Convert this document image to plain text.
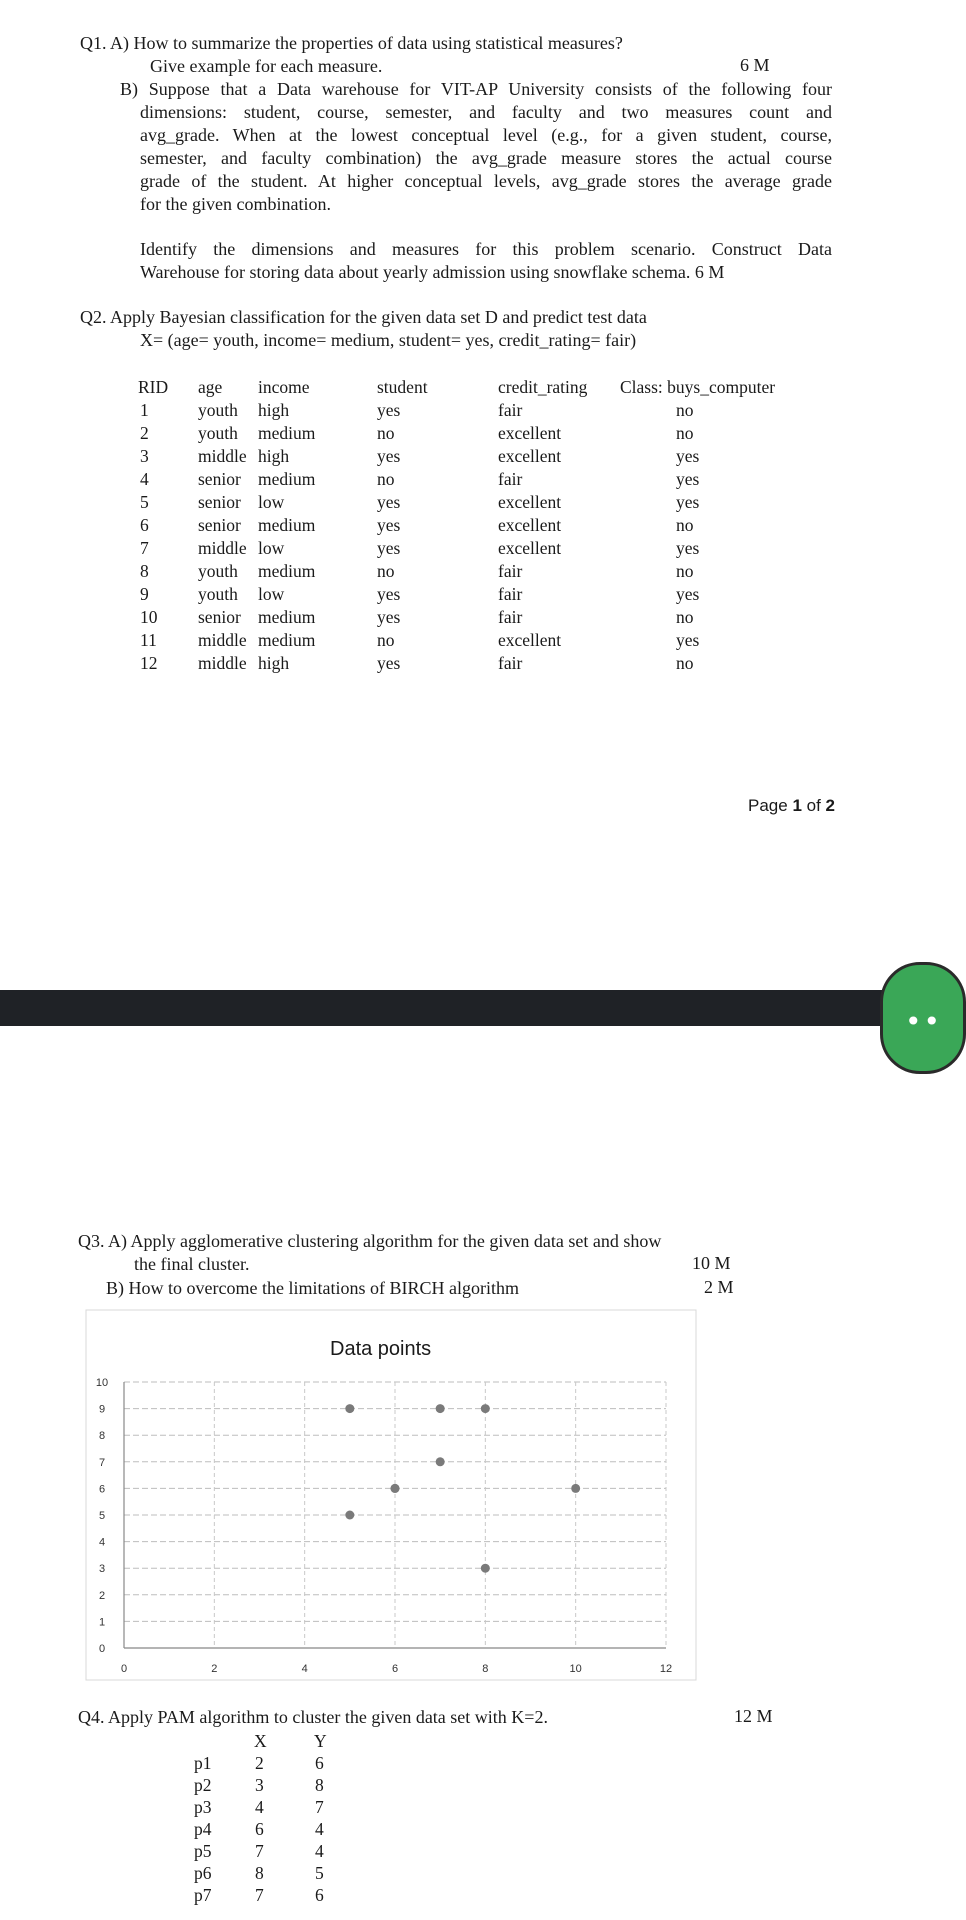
Q1. A) How to summarize the properties of data using statistical measures?
Give example for each measure.	6 M
B) Suppose that a Data warehouse for VIT-AP University consists of the following four
dimensions: student, course, semester, and faculty and two measures count and
avg_grade. When at the lowest conceptual level (e.g., for a given student, course,
semester, and faculty combination) the avg_grade measure stores the actual course
grade of the student. At higher conceptual levels, avg_grade stores the average grade
for the given combination.
Identify the dimensions and measures for this problem scenario. Construct Data
Warehouse for storing data about yearly admission using snowflake schema. 6 M
Q2. Apply Bayesian classification for the given data set D and predict test data
X= (age= youth, income= medium, student= yes, credit_rating= fair)
RID age income	student	credit_rating Class: buys_computer
1	youth high	yes	fair	no
2	youth medium	no	excellent	no
3	middle high	yes	excellent	yes
4	senior medium	no	fair	yes
5	senior low	yes	excellent	yes
6	senior medium	yes	excellent	no
7	middle low	yes	excellent	yes
8	youth medium	no	fair	no
9	youth low	yes	fair	yes
10 senior medium	yes	fair	no
11 middle medium	no	excellent	yes
12 middle high	yes	fair	no
Page 1 of 2
••
Q3. A) Apply agglomerative clustering algorithm for the given data set and show
the final cluster.	10 M
B) How to overcome the limitations of BIRCH algorithm	2 M
Data points
0
1
2
3
4
5
6
7
8
9
10
0	2	4	6	8	10	12
Q4. Apply PAM algorithm to cluster the given data set with K=2.	12 M
X	Y
p1 2	6
p2 3	8
p3 4	7
p4 6	4
p5 7	4
p6 8	5
p7 7	6
